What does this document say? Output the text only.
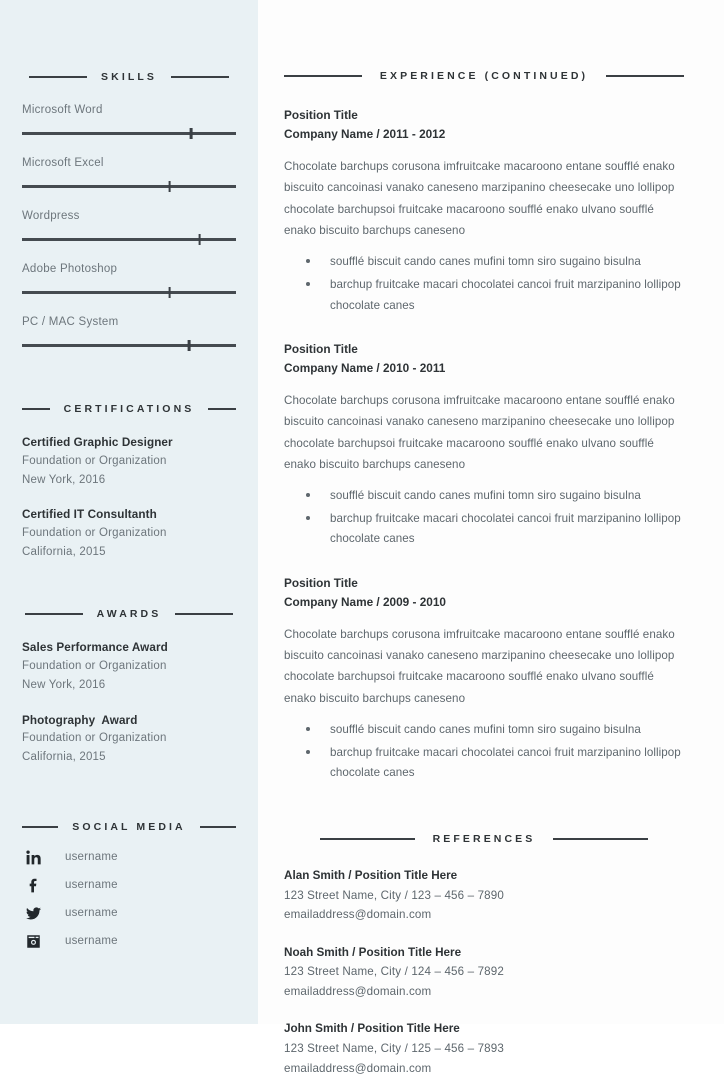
SKILLS
Microsoft Word
Microsoft Excel
Wordpress
Adobe Photoshop
PC / MAC System
CERTIFICATIONS
Certified Graphic Designer
Foundation or Organization
New York, 2016
Certified IT Consultanth
Foundation or Organization
California, 2015
AWARDS
Sales Performance Award
Foundation or Organization
New York, 2016
Photography  Award
Foundation or Organization
California, 2015
SOCIAL MEDIA
username
username
username
username
EXPERIENCE (CONTINUED)
Position Title
Company Name / 2011 - 2012

Chocolate barchups corusona imfruitcake macaroono entane soufflé enako biscuito cancoinasi vanako caneseno marzipanino cheesecake uno lollipop chocolate barchupsoi fruitcake macaroono soufflé enako ulvano soufflé enako biscuito barchups caneseno

soufflé biscuit cando canes mufini tomn siro sugaino bisulna
barchup fruitcake macari chocolatei cancoi fruit marzipanino lollipop chocolate canes
Position Title
Company Name / 2010 - 2011

Chocolate barchups corusona imfruitcake macaroono entane soufflé enako biscuito cancoinasi vanako caneseno marzipanino cheesecake uno lollipop chocolate barchupsoi fruitcake macaroono soufflé enako ulvano soufflé enako biscuito barchups caneseno

soufflé biscuit cando canes mufini tomn siro sugaino bisulna
barchup fruitcake macari chocolatei cancoi fruit marzipanino lollipop chocolate canes
Position Title
Company Name / 2009 - 2010

Chocolate barchups corusona imfruitcake macaroono entane soufflé enako biscuito cancoinasi vanako caneseno marzipanino cheesecake uno lollipop chocolate barchupsoi fruitcake macaroono soufflé enako ulvano soufflé enako biscuito barchups caneseno

soufflé biscuit cando canes mufini tomn siro sugaino bisulna
barchup fruitcake macari chocolatei cancoi fruit marzipanino lollipop chocolate canes
REFERENCES
Alan Smith / Position Title Here
123 Street Name, City / 123 – 456 – 7890
emailaddress@domain.com
Noah Smith / Position Title Here
123 Street Name, City / 124 – 456 – 7892
emailaddress@domain.com
John Smith / Position Title Here
123 Street Name, City / 125 – 456 – 7893
emailaddress@domain.com
